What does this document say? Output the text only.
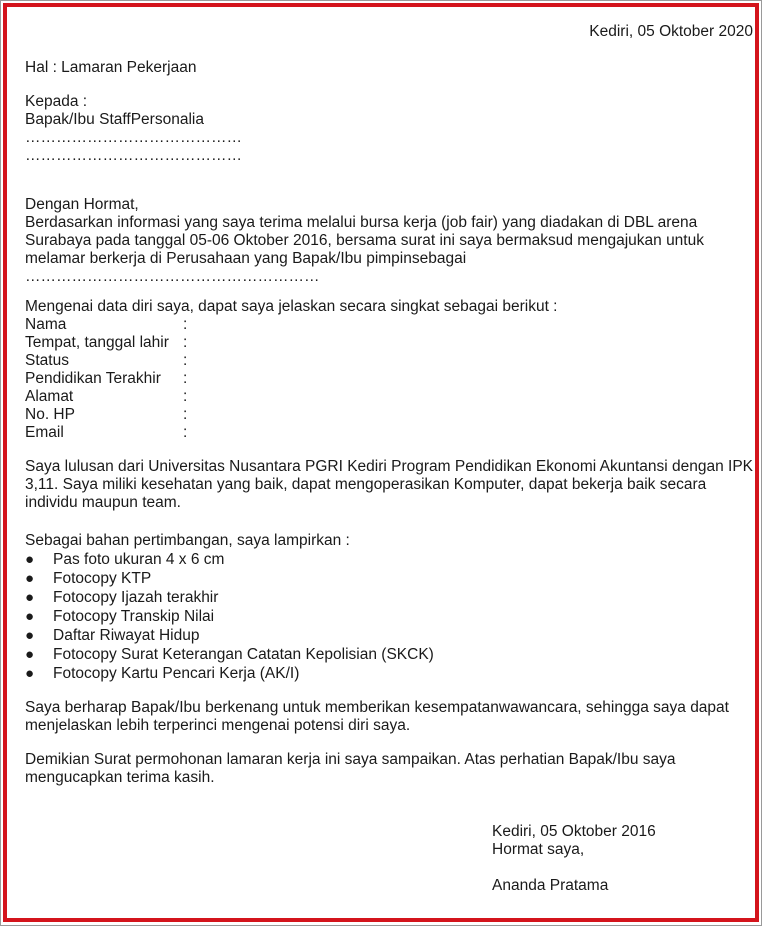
Kediri, 05 Oktober 2020

Hal : Lamaran Pekerjaan

Kepada :

Bapak/Ibu StaffPersonalia

……………………………………

……………………………………

Dengan Hormat,

Berdasarkan informasi yang saya terima melalui bursa kerja (job fair) yang diadakan di DBL arena Surabaya pada tanggal 05-06 Oktober 2016, bersama surat ini saya bermaksud mengajukan untuk melamar berkerja di Perusahaan yang Bapak/Ibu pimpinsebagai

…………………………………………………

Mengenai data diri saya, dapat saya jelaskan secara singkat sebagai berikut :

Nama	:
Tempat, tanggal lahir :
Status	:
Pendidikan Terakhir	:
Alamat	:
No. HP	:
Email	:

Saya lulusan dari Universitas Nusantara PGRI Kediri Program Pendidikan Ekonomi Akuntansi dengan IPK 3,11. Saya miliki kesehatan yang baik, dapat mengoperasikan Komputer, dapat bekerja baik secara individu maupun team.

Sebagai bahan pertimbangan, saya lampirkan :

●	Pas foto ukuran 4 x 6 cm
●	Fotocopy KTP
●	Fotocopy Ijazah terakhir
●	Fotocopy Transkip Nilai
●	Daftar Riwayat Hidup
●	Fotocopy Surat Keterangan Catatan Kepolisian (SKCK)
●	Fotocopy Kartu Pencari Kerja (AK/I)

Saya berharap Bapak/Ibu berkenang untuk memberikan kesempatanwawancara, sehingga saya dapat menjelaskan lebih terperinci mengenai potensi diri saya.

Demikian Surat permohonan lamaran kerja ini saya sampaikan. Atas perhatian Bapak/Ibu saya mengucapkan terima kasih.

Kediri, 05 Oktober 2016

Hormat saya,

Ananda Pratama
